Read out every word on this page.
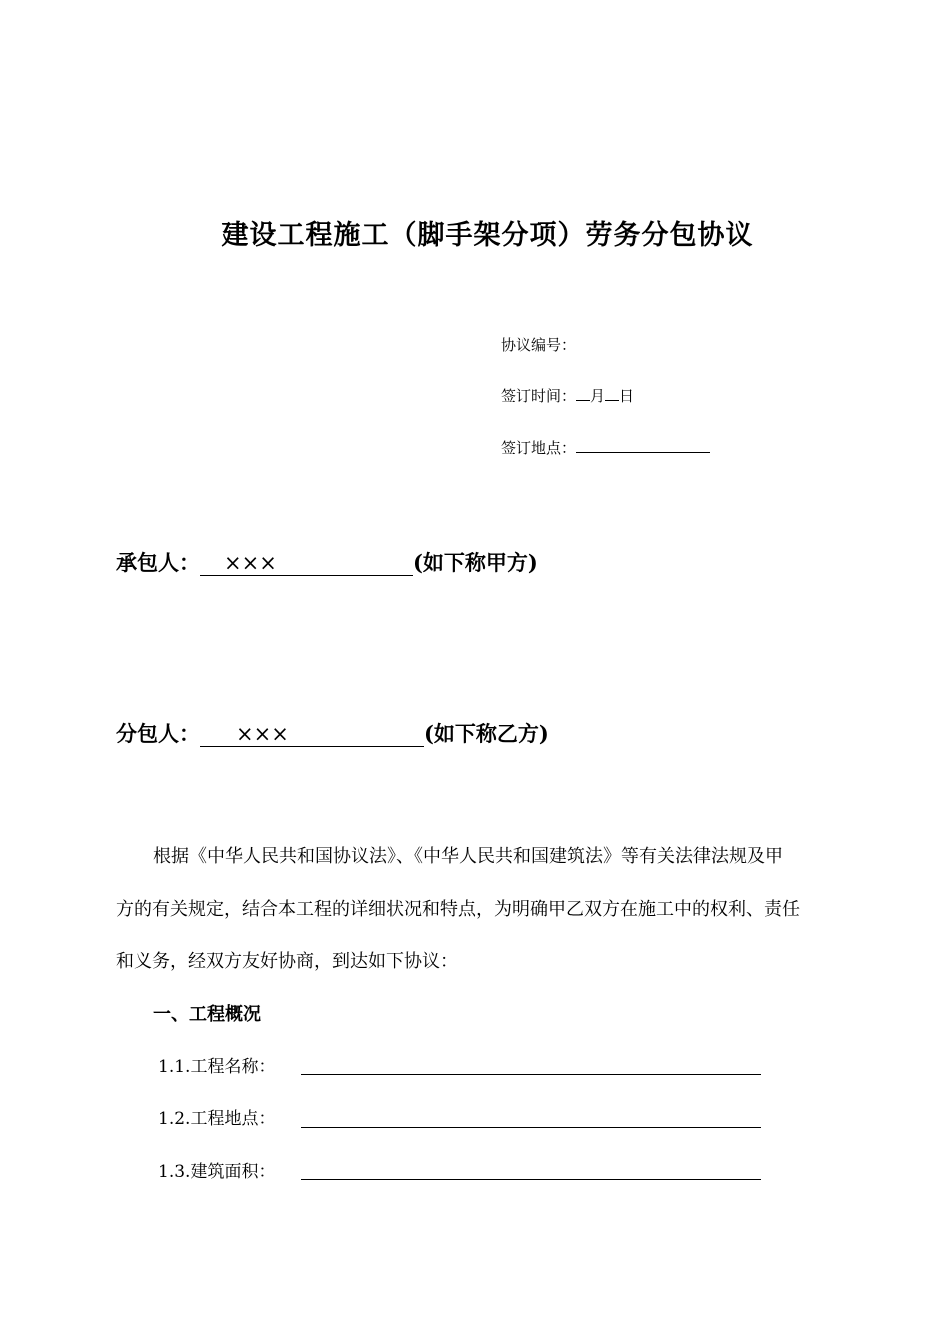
建设工程施工（脚手架分项）劳务分包协议
协议编号：
签订时间： 月 日
签订地点：
承包人： ×××	(如下称甲方)
分包人： ×××	(如下称乙方)
根据《中华人民共和国协议法》、《中华人民共和国建筑法》等有关法律法规及甲
方的有关规定，结合本工程的详细状况和特点，为明确甲乙双方在施工中的权利、责任
和义务，经双方友好协商，到达如下协议：
一、工程概况
1.1.工程名称：
1.2.工程地点：
1.3.建筑面积：
